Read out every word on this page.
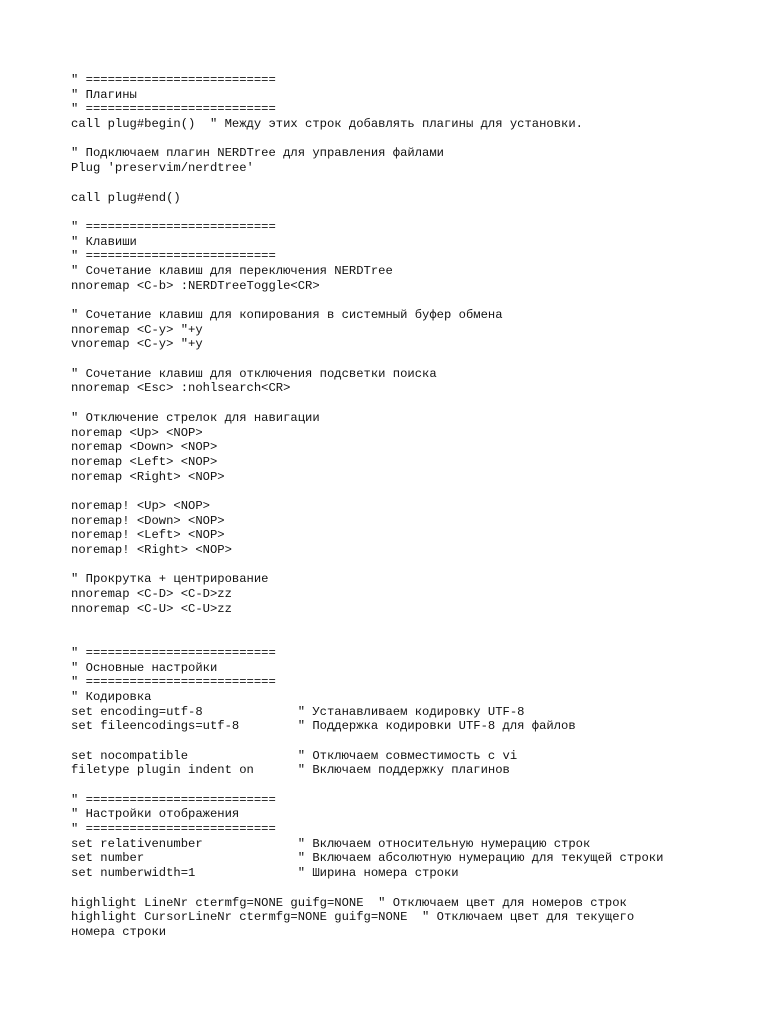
" ==========================
" Плагины
" ==========================
call plug#begin()  " Между этих строк добавлять плагины для установки.
" Подключаем плагин NERDTree для управления файлами
Plug 'preservim/nerdtree'
call plug#end()
" ==========================
" Клавиши
" ==========================
" Сочетание клавиш для переключения NERDTree
nnoremap <C-b> :NERDTreeToggle<CR>
" Сочетание клавиш для копирования в системный буфер обмена
nnoremap <C-y> "+y
vnoremap <C-y> "+y
" Сочетание клавиш для отключения подсветки поиска
nnoremap <Esc> :nohlsearch<CR>
" Отключение стрелок для навигации
noremap <Up> <NOP>
noremap <Down> <NOP>
noremap <Left> <NOP>
noremap <Right> <NOP>
noremap! <Up> <NOP>
noremap! <Down> <NOP>
noremap! <Left> <NOP>
noremap! <Right> <NOP>
" Прокрутка + центрирование
nnoremap <C-D> <C-D>zz
nnoremap <C-U> <C-U>zz
" ==========================
" Основные настройки
" ==========================
" Кодировка
set encoding=utf-8             " Устанавливаем кодировку UTF-8
set fileencodings=utf-8        " Поддержка кодировки UTF-8 для файлов
set nocompatible               " Отключаем совместимость с vi
filetype plugin indent on      " Включаем поддержку плагинов
" ==========================
" Настройки отображения
" ==========================
set relativenumber             " Включаем относительную нумерацию строк
set number                     " Включаем абсолютную нумерацию для текущей строки
set numberwidth=1              " Ширина номера строки
highlight LineNr ctermfg=NONE guifg=NONE  " Отключаем цвет для номеров строк
highlight CursorLineNr ctermfg=NONE guifg=NONE  " Отключаем цвет для текущего
номера строки
